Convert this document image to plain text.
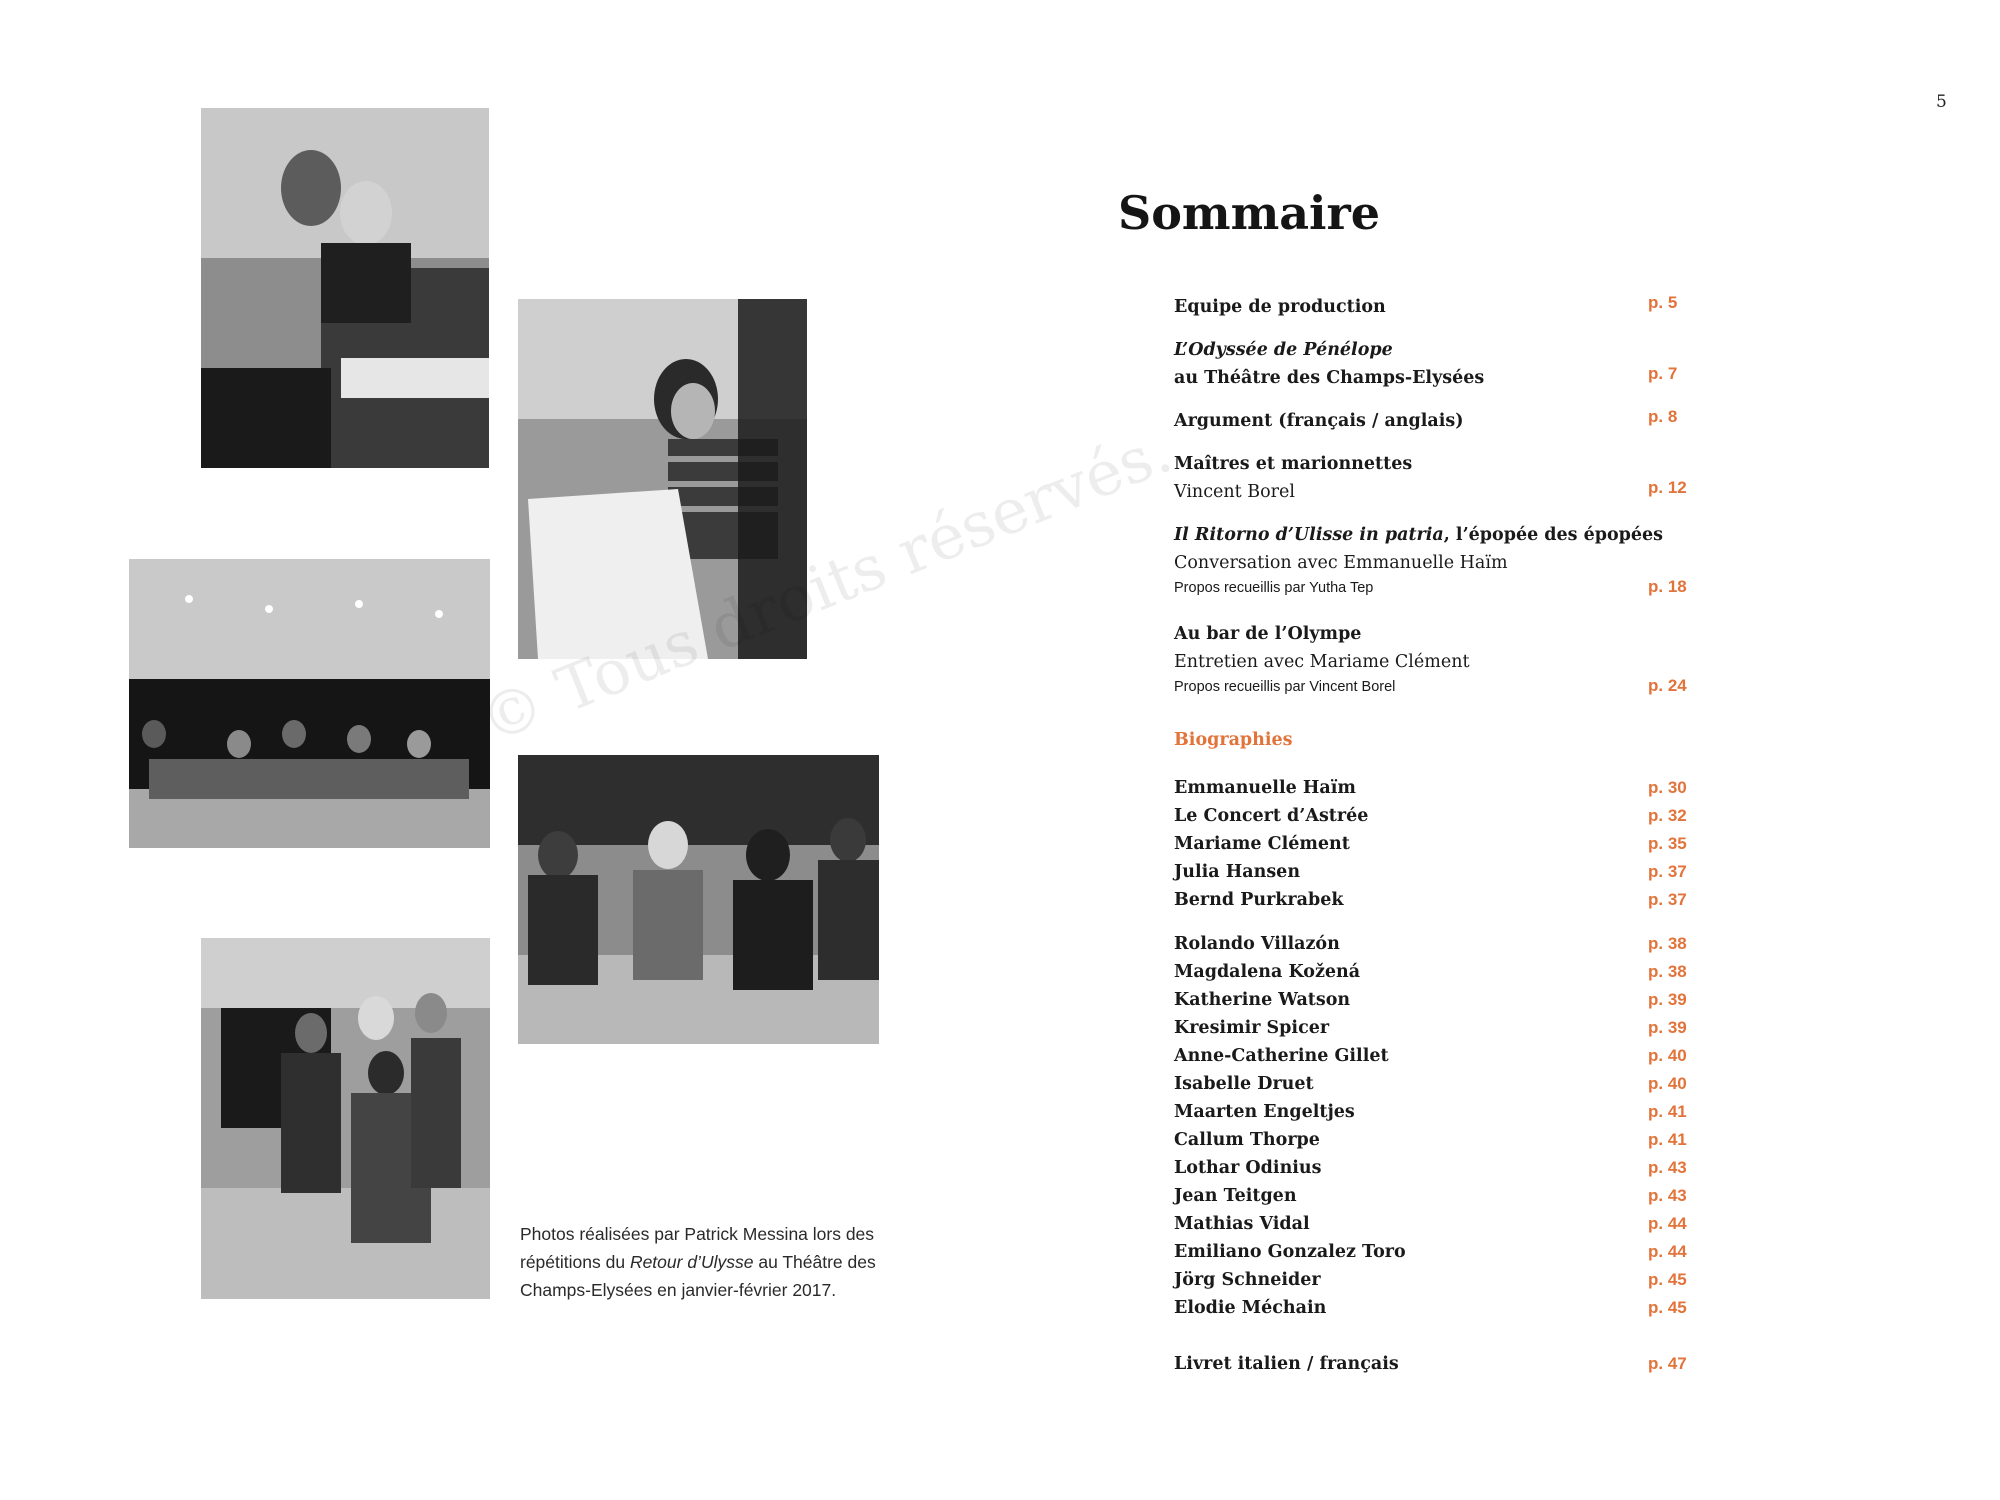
5
Photos réalisées par Patrick Messina lors des répétitions du Retour d’Ulysse au Théâtre des Champs-Elysées en janvier-février 2017.
© Tous droits réservés.
Sommaire
Equipe de production	p. 5
L’Odyssée de Pénélope
au Théâtre des Champs-Elysées	p. 7
Argument (français / anglais)	p. 8
Maîtres et marionnettes
Vincent Borel	p. 12
Il Ritorno d’Ulisse in patria, l’épopée des épopées
Conversation avec Emmanuelle Haïm
Propos recueillis par Yutha Tep	p. 18
Au bar de l’Olympe
Entretien avec Mariame Clément
Propos recueillis par Vincent Borel	p. 24
Biographies
Emmanuelle Haïm	p. 30
Le Concert d’Astrée	p. 32
Mariame Clément	p. 35
Julia Hansen	p. 37
Bernd Purkrabek	p. 37
Rolando Villazón	p. 38
Magdalena Kožená	p. 38
Katherine Watson	p. 39
Kresimir Spicer	p. 39
Anne-Catherine Gillet	p. 40
Isabelle Druet	p. 40
Maarten Engeltjes	p. 41
Callum Thorpe	p. 41
Lothar Odinius	p. 43
Jean Teitgen	p. 43
Mathias Vidal	p. 44
Emiliano Gonzalez Toro	p. 44
Jörg Schneider	p. 45
Elodie Méchain	p. 45
Livret italien / français	p. 47
